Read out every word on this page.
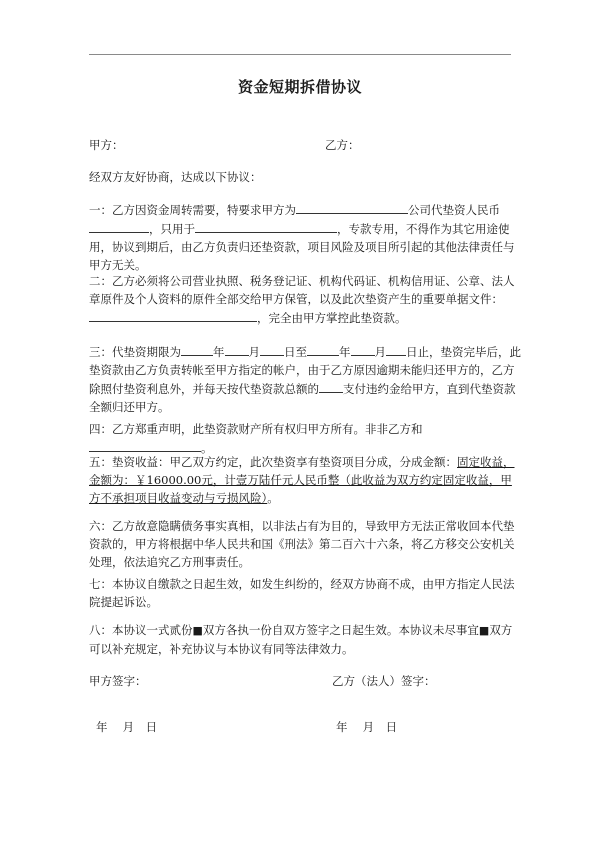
资金短期拆借协议
甲方：	乙方：

经双方友好协商，达成以下协议：

一：乙方因资金周转需要，特要求甲方为	公司代垫资人民币，只用于	，专款专用，不得作为其它用途使用，协议到期后，由乙方负责归还垫资款，项目风险及项目所引起的其他法律责任与甲方无关。

二：乙方必须将公司营业执照、税务登记证、机构代码证、机构信用证、公章、法人章原件及个人资料的原件全部交给甲方保管，以及此次垫资产生的重要单据文件：，完全由甲方掌控此垫资款。

三：代垫资期限为	年 月 日至	年 月 日止，垫资完毕后，此垫资款由乙方负责转帐至甲方指定的帐户，由于乙方原因逾期未能归还甲方的，乙方除照付垫资利息外，并每天按代垫资款总额的 支付违约金给甲方，直到代垫资款全额归还甲方。

四：乙方郑重声明，此垫资款财产所有权归甲方所有。非非乙方和。

五：垫资收益：甲乙双方约定，此次垫资享有垫资项目分成，分成金额：固定收益，金额为：￥16000.00元，计壹万陆仟元人民币整（此收益为双方约定固定收益，甲方不承担项目收益变动与亏损风险）。

六：乙方故意隐瞒债务事实真相，以非法占有为目的，导致甲方无法正常收回本代垫资款的，甲方将根据中华人民共和国《刑法》第二百六十六条，将乙方移交公安机关处理，依法追究乙方刑事责任。

七：本协议自缴款之日起生效，如发生纠纷的，经双方协商不成，由甲方指定人民法院提起诉讼。

八：本协议一式贰份■双方各执一份自双方签字之日起生效。本协议未尽事宜■双方可以补充规定，补充协议与本协议有同等法律效力。

甲方签字：	乙方（法人）签字：
年　 月　日	年　 月　日
